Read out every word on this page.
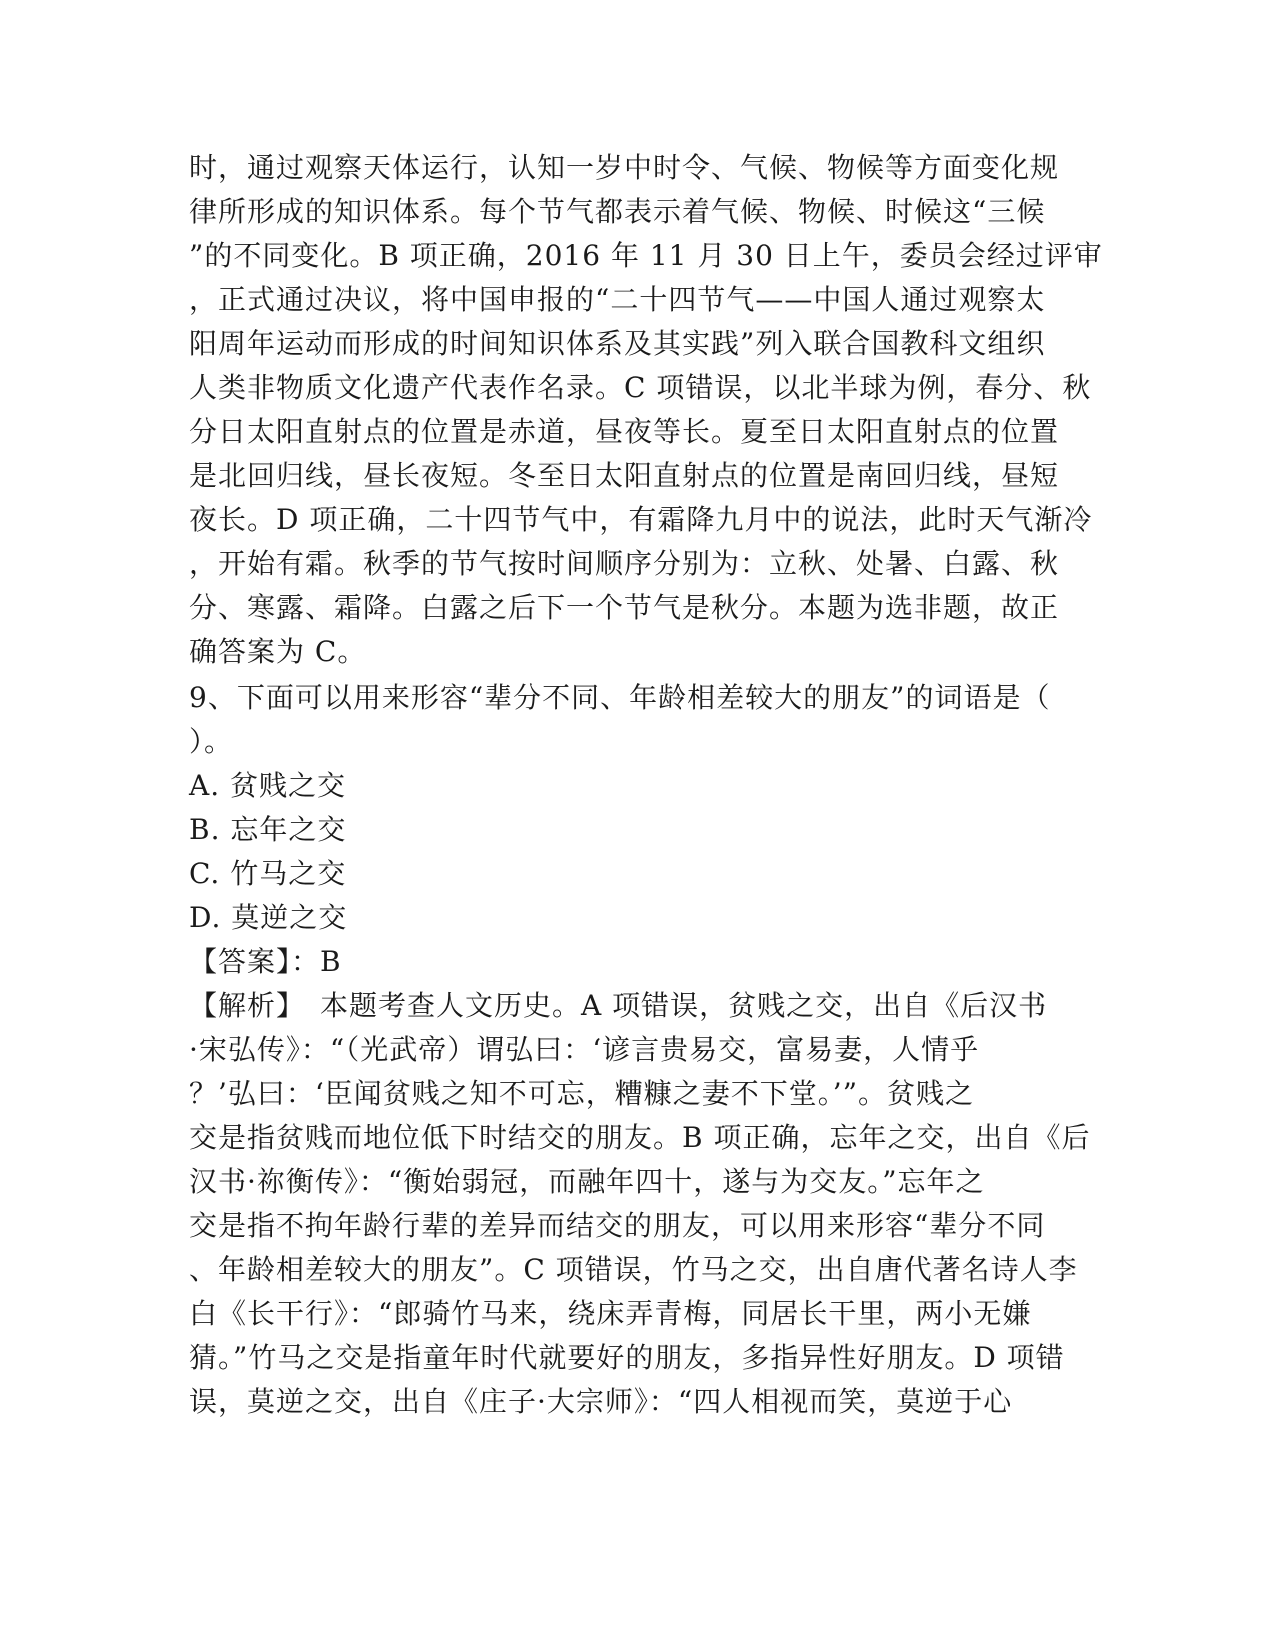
时，通过观察天体运行，认知一岁中时令、气候、物候等方面变化规
律所形成的知识体系。每个节气都表示着气候、物候、时候这“三候
”的不同变化。B 项正确，2016 年 11 月 30 日上午，委员会经过评审
，正式通过决议，将中国申报的“二十四节气——中国人通过观察太
阳周年运动而形成的时间知识体系及其实践”列入联合国教科文组织
人类非物质文化遗产代表作名录。C 项错误，以北半球为例，春分、秋
分日太阳直射点的位置是赤道，昼夜等长。夏至日太阳直射点的位置
是北回归线，昼长夜短。冬至日太阳直射点的位置是南回归线，昼短
夜长。D 项正确，二十四节气中，有霜降九月中的说法，此时天气渐冷
，开始有霜。秋季的节气按时间顺序分别为：立秋、处暑、白露、秋
分、寒露、霜降。白露之后下一个节气是秋分。本题为选非题，故正
确答案为 C。
9、下面可以用来形容“辈分不同、年龄相差较大的朋友”的词语是（
）。
A. 贫贱之交
B. 忘年之交
C. 竹马之交
D. 莫逆之交
【答案】：B
【解析】　本题考查人文历史。A 项错误，贫贱之交，出自《后汉书
·宋弘传》：“（光武帝）谓弘曰：‘谚言贵易交，富易妻，人情乎
？’弘曰：‘臣闻贫贱之知不可忘，糟糠之妻不下堂。’”。贫贱之
交是指贫贱而地位低下时结交的朋友。B 项正确，忘年之交，出自《后
汉书·祢衡传》：“衡始弱冠，而融年四十，遂与为交友。”忘年之
交是指不拘年龄行辈的差异而结交的朋友，可以用来形容“辈分不同
、年龄相差较大的朋友”。C 项错误，竹马之交，出自唐代著名诗人李
白《长干行》：“郎骑竹马来，绕床弄青梅，同居长干里，两小无嫌
猜。”竹马之交是指童年时代就要好的朋友，多指异性好朋友。D 项错
误，莫逆之交，出自《庄子·大宗师》：“四人相视而笑，莫逆于心
